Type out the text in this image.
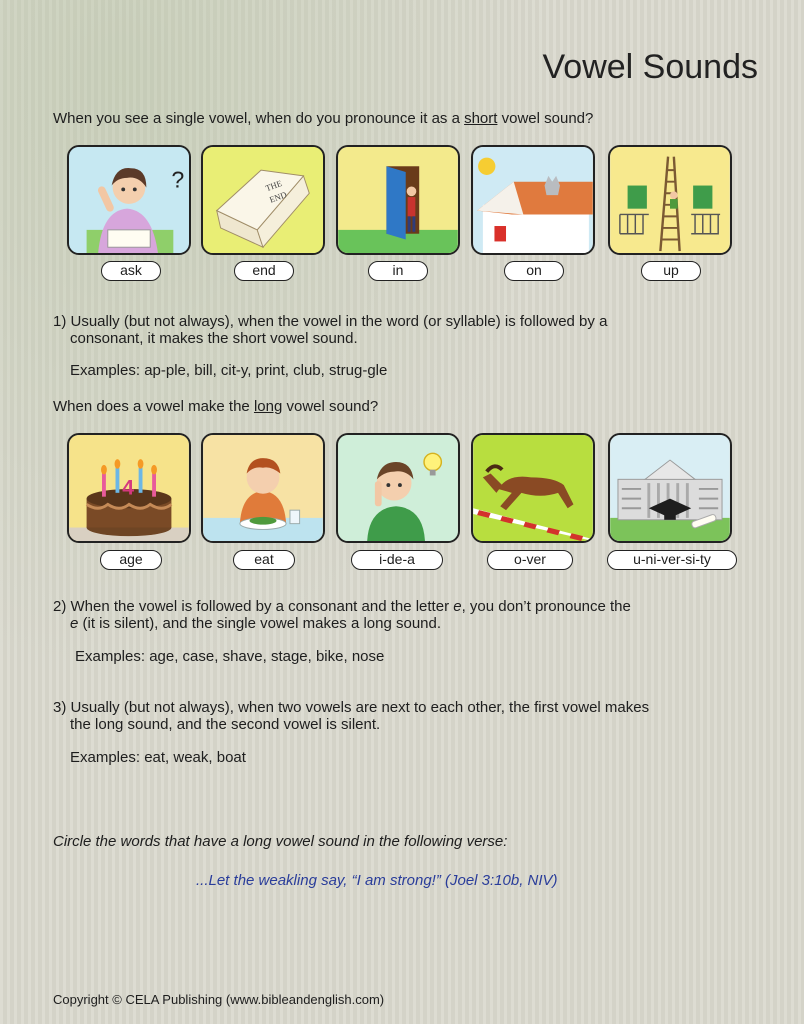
Vowel Sounds
When you see a single vowel, when do you pronounce it as a short vowel sound?
?	THE
END
ask	end	in	on	up
1) Usually (but not always), when the vowel in the word (or syllable) is followed by a
consonant, it makes the short vowel sound.
Examples: ap-ple, bill, cit-y, print, club, strug-gle
When does a vowel make the long vowel sound?
4
age	eat	i-de-a	o-ver	u-ni-ver-si-ty
2) When the vowel is followed by a consonant and the letter e, you don’t pronounce the
e (it is silent), and the single vowel makes a long sound.
Examples: age, case, shave, stage, bike, nose
3) Usually (but not always), when two vowels are next to each other, the first vowel makes
the long sound, and the second vowel is silent.
Examples: eat, weak, boat
Circle the words that have a long vowel sound in the following verse:
...Let the weakling say, “I am strong!” (Joel 3:10b, NIV)
Copyright © CELA Publishing (www.bibleandenglish.com)
